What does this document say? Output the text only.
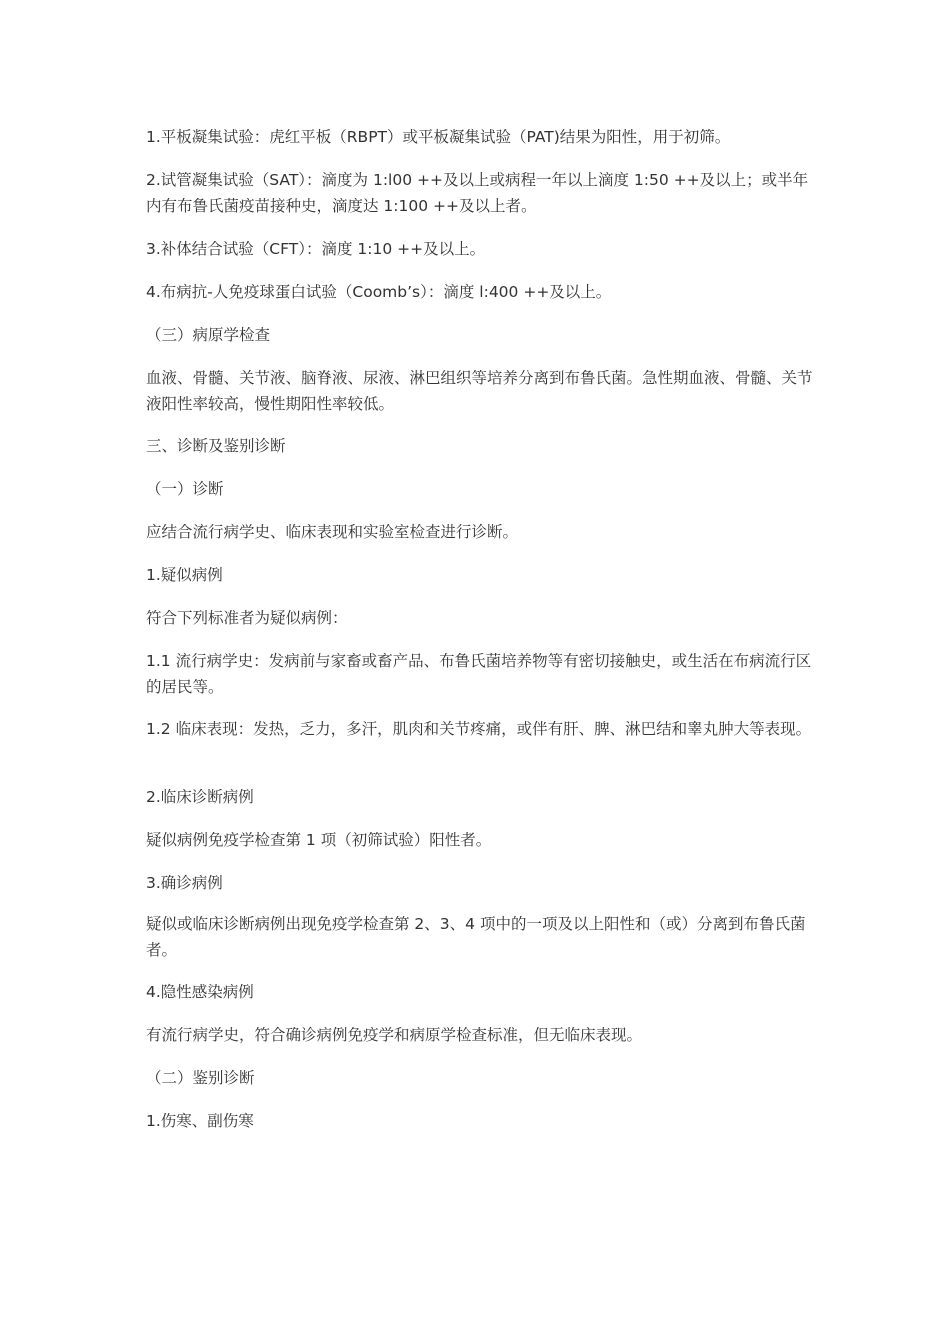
1.平板凝集试验：虎红平板（RBPT）或平板凝集试验（PAT)结果为阳性，用于初筛。

2.试管凝集试验（SAT）：滴度为 1:l00 ++及以上或病程一年以上滴度 1:50 ++及以上；或半年内有布鲁氏菌疫苗接种史，滴度达 1:100 ++及以上者。

3.补体结合试验（CFT）：滴度 1:10 ++及以上。

4.布病抗-人免疫球蛋白试验（Coomb’s）：滴度 l:400 ++及以上。

（三）病原学检查

血液、骨髓、关节液、脑脊液、尿液、淋巴组织等培养分离到布鲁氏菌。急性期血液、骨髓、关节液阳性率较高，慢性期阳性率较低。

三、诊断及鉴别诊断

（一）诊断

应结合流行病学史、临床表现和实验室检查进行诊断。

1.疑似病例

符合下列标准者为疑似病例：

1.1 流行病学史：发病前与家畜或畜产品、布鲁氏菌培养物等有密切接触史，或生活在布病流行区的居民等。

1.2 临床表现：发热，乏力，多汗，肌肉和关节疼痛，或伴有肝、脾、淋巴结和睾丸肿大等表现。

2.临床诊断病例

疑似病例免疫学检查第 1 项（初筛试验）阳性者。

3.确诊病例

疑似或临床诊断病例出现免疫学检查第 2、3、4 项中的一项及以上阳性和（或）分离到布鲁氏菌者。

4.隐性感染病例

有流行病学史，符合确诊病例免疫学和病原学检查标准，但无临床表现。

（二）鉴别诊断

1.伤寒、副伤寒
